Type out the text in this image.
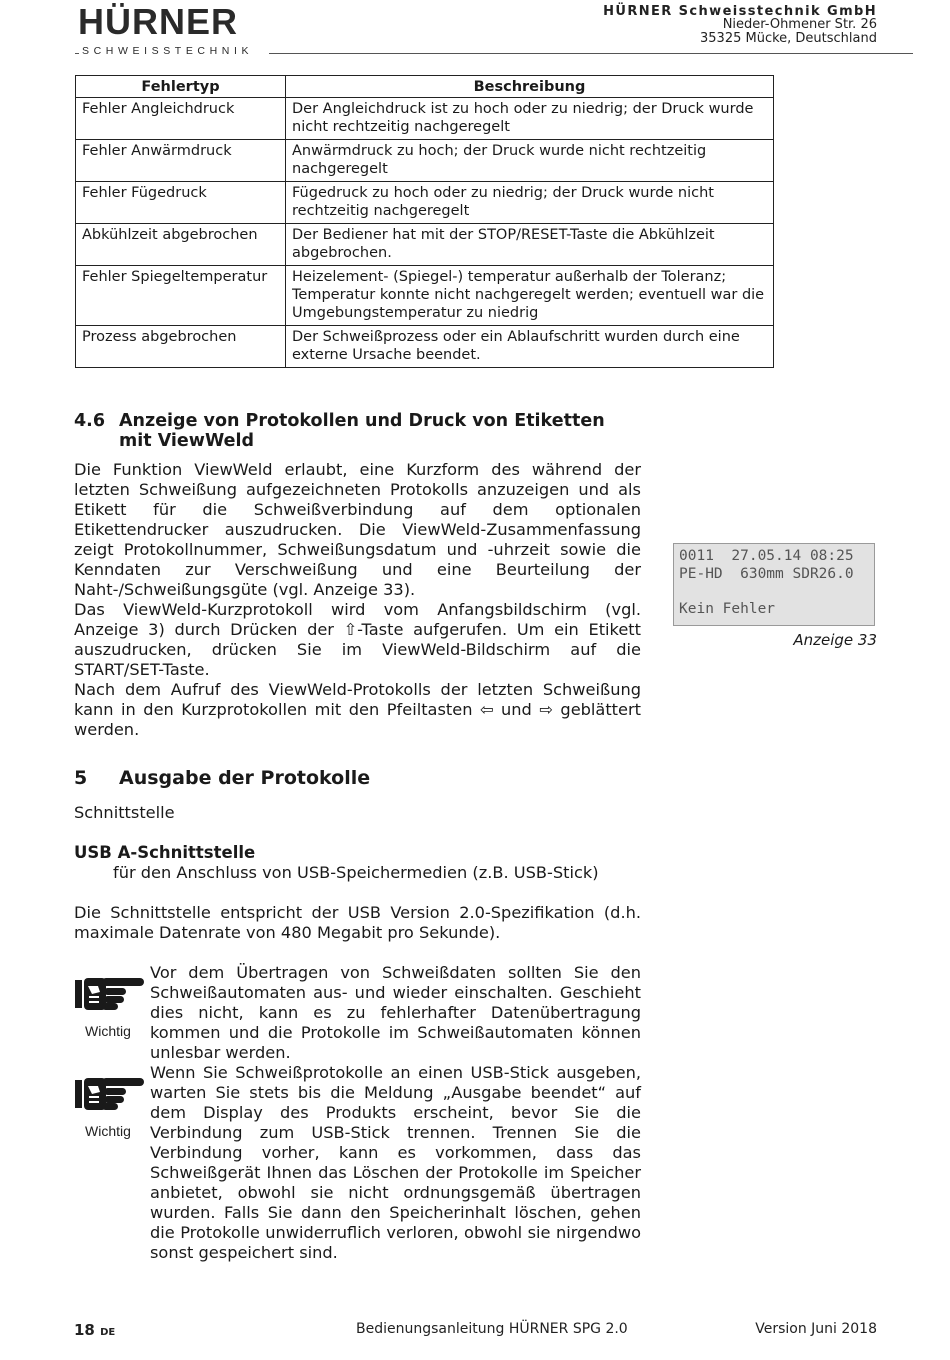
HÜRNER
SCHWEISSTECHNIK
HÜRNER Schweisstechnik GmbH
Nieder-Ohmener Str. 26
35325 Mücke, Deutschland
Fehlertyp	Beschreibung
Fehler Angleichdruck	Der Angleichdruck ist zu hoch oder zu niedrig; der Druck wurde nicht rechtzeitig nachgeregelt
Fehler Anwärmdruck	Anwärmdruck zu hoch; der Druck wurde nicht rechtzeitig nachgeregelt
Fehler Fügedruck	Fügedruck zu hoch oder zu niedrig; der Druck wurde nicht rechtzeitig nachgeregelt
Abkühlzeit abgebrochen	Der Bediener hat mit der STOP/RESET-Taste die Abkühlzeit abgebrochen.
Fehler Spiegeltemperatur	Heizelement- (Spiegel-) temperatur außerhalb der Toleranz; Temperatur konnte nicht nachgeregelt werden; eventuell war die Umgebungstemperatur zu niedrig
Prozess abgebrochen	Der Schweißprozess oder ein Ablaufschritt wurden durch eine externe Ursache beendet.
4.6 Anzeige von Protokollen und Druck von Etiketten mit ViewWeld
Die Funktion ViewWeld erlaubt, eine Kurzform des während der letzten Schweißung aufgezeichneten Protokolls anzuzeigen und als Etikett für die Schweißverbindung auf dem optionalen Etikettendrucker auszudrucken. Die ViewWeld-Zusammenfassung zeigt Protokollnummer, Schweißungsdatum und -uhrzeit sowie die Kenndaten zur Verschweißung und eine Beurteilung der Naht-/Schweißungsgüte (vgl. Anzeige 33).
Das ViewWeld-Kurzprotokoll wird vom Anfangsbildschirm (vgl. Anzeige 3) durch Drücken der ⇧-Taste aufgerufen. Um ein Etikett auszudrucken, drücken Sie im ViewWeld-Bildschirm auf die START/SET-Taste.
Nach dem Aufruf des ViewWeld-Protokolls der letzten Schweißung kann in den Kurzprotokollen mit den Pfeiltasten ⇦ und ⇨ geblättert werden.
0011  27.05.14 08:25
PE-HD  630mm SDR26.0

Kein Fehler
Anzeige 33
5 Ausgabe der Protokolle
Schnittstelle
USB A-Schnittstelle
für den Anschluss von USB-Speichermedien (z.B. USB-Stick)
Die Schnittstelle entspricht der USB Version 2.0-Spezifikation (d.h. maximale Datenrate von 480 Megabit pro Sekunde).
Wichtig
Vor dem Übertragen von Schweißdaten sollten Sie den Schweißautomaten aus- und wieder einschalten. Geschieht dies nicht, kann es zu fehlerhafter Datenübertragung kommen und die Protokolle im Schweißautomaten können unlesbar werden.
Wichtig
Wenn Sie Schweißprotokolle an einen USB-Stick ausgeben, warten Sie stets bis die Meldung „Ausgabe beendet“ auf dem Display des Produkts erscheint, bevor Sie die Verbindung zum USB-Stick trennen. Trennen Sie die Verbindung vorher, kann es vorkommen, dass das Schweißgerät Ihnen das Löschen der Protokolle im Speicher anbietet, obwohl sie nicht ordnungsgemäß übertragen wurden. Falls Sie dann den Speicherinhalt löschen, gehen die Protokolle unwiderruflich verloren, obwohl sie nirgendwo sonst gespeichert sind.
18 DE	Bedienungsanleitung HÜRNER SPG 2.0	Version Juni 2018
